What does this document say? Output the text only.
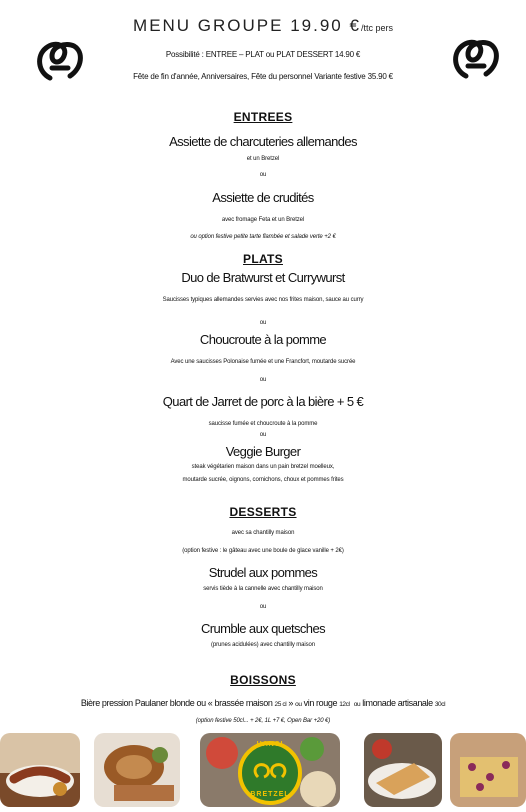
MENU GROUPE 19.90 €/ttc pers
Possibilité : ENTREE – PLAT ou PLAT DESSERT 14.90 €
Fête de fin d'année, Anniversaires, Fête du personnel Variante festive 35.90 €
ENTREES
Assiette de charcuteries allemandes
et un Bretzel
ou
Assiette de crudités
avec fromage Feta et un Bretzel
ou option festive petite tarte flambée et salade verte +2 €
PLATS
Duo de Bratwurst et Currywurst
Saucisses typiques allemandes servies avec nos frites maison, sauce au curry
ou
Choucroute à la pomme
Avec une saucisses Polonaise fumée et une Francfort, moutarde sucrée
ou
Quart de Jarret de porc à la bière + 5 €
saucisse fumée et choucroute à la pomme
ou
Veggie Burger
steak végétarien maison dans un pain bretzel moelleux,
moutarde sucrée, oignons, cornichons, choux et pommes frites
DESSERTS
avec sa chantilly maison
(option festive : le gâteau avec une boule de glace vanille + 2€)
Strudel aux pommes
servis tiède à la cannelle avec chantilly maison
ou
Crumble aux quetsches
(prunes acidulées) avec chantilly maison
BOISSONS
Bière pression Paulaner blonde ou « brassée maison 25 cl » ou vin rouge 12cl ou limonade artisanale 30cl
(option festive 50cl... + 2€, 1L +7 €, Open Bar +20 €)
HANSI
BRETZEL
